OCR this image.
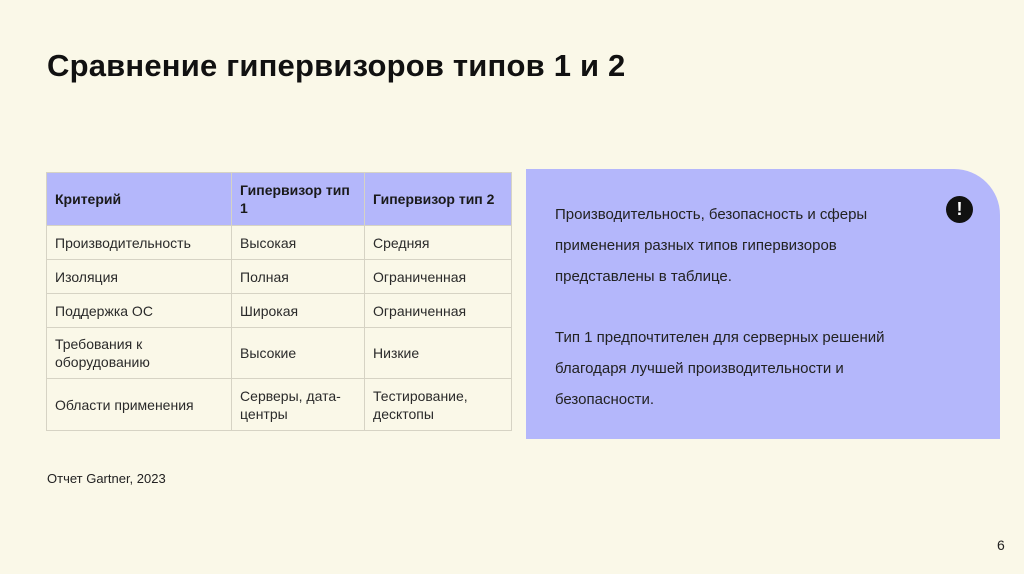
Сравнение гипервизоров типов 1 и 2
Критерий	Гипервизор тип 1	Гипервизор тип 2
Производительность	Высокая	Средняя
Изоляция	Полная	Ограниченная
Поддержка ОС	Широкая	Ограниченная
Требования к оборудованию	Высокие	Низкие
Области применения	Серверы, дата-центры	Тестирование, десктопы
!

Производительность, безопасность и сферы применения разных типов гипервизоров представлены в таблице.

Тип 1 предпочтителен для серверных решений благодаря лучшей производительности и безопасности.

Отчет Gartner, 2023
6
